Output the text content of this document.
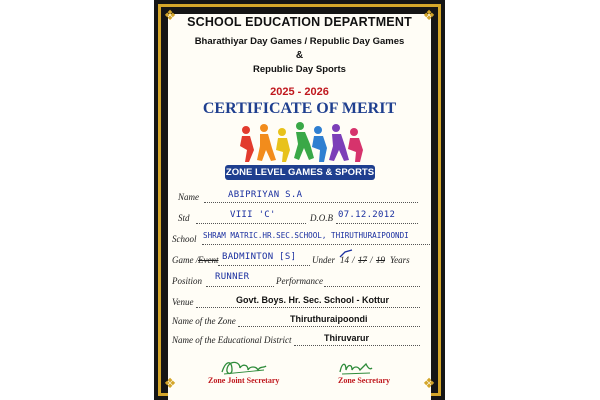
❖	❖
❖	❖
SCHOOL EDUCATION DEPARTMENT
Bharathiyar Day Games / Republic Day Games
&
Republic Day Sports
2025 - 2026
CERTIFICATE OF MERIT
ZONE LEVEL GAMES & SPORTS
Name	ABIPRIYAN S.A
Std	VIII 'C'	D.O.B 07.12.2012
School SHRAM MATRIC.HR.SEC.SCHOOL, THIRUTHURAIPOONDI
Game / Event BADMINTON [S] Under 14 / 17 / 19 Years
Position RUNNER	Performance
Venue	Govt. Boys. Hr. Sec. School - Kottur
Name of the Zone	Thiruthuraipoondi
Name of the Educational District	Thiruvarur
Zone Joint Secretary	Zone Secretary
